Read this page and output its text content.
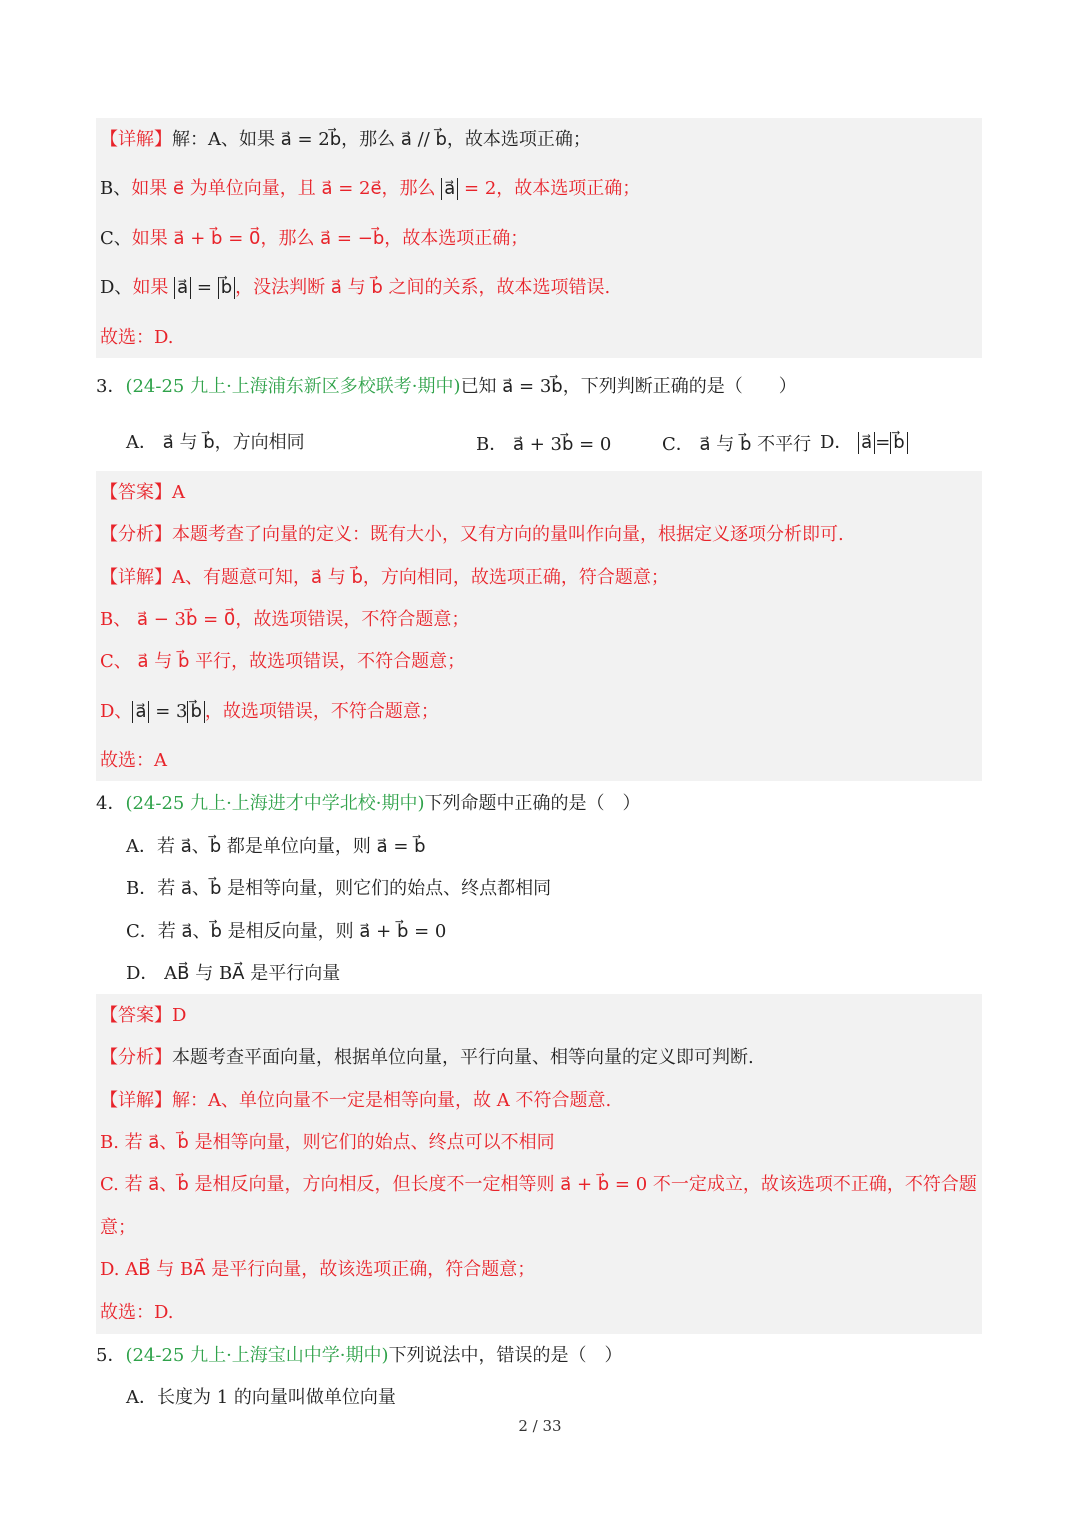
【详解】解：A、如果 a⃗ = 2b⃗，那么 a⃗ // b⃗，故本选项正确；
B、如果 e⃗ 为单位向量，且 a⃗ = 2e⃗，那么 a⃗ = 2，故本选项正确；
C、如果 a⃗ + b⃗ = 0⃗，那么 a⃗ = −b⃗，故本选项正确；
D、如果 a⃗ = b⃗ ，没法判断 a⃗ 与 b⃗ 之间的关系，故本选项错误.
故选：D.
3．(24-25 九上·上海浦东新区多校联考·期中)已知 a⃗ = 3b⃗，下列判断正确的是（　　）
A． a⃗ 与 b⃗，方向相同	B． a⃗ + 3b⃗ = 0	C． a⃗ 与 b⃗ 不平行 D． a⃗ = b⃗
【答案】A
【分析】本题考查了向量的定义：既有大小，又有方向的量叫作向量，根据定义逐项分析即可.
【详解】A、有题意可知，a⃗ 与 b⃗，方向相同，故选项正确，符合题意；
B、 a⃗ − 3b⃗ = 0⃗，故选项错误，不符合题意；
C、 a⃗ 与 b⃗ 平行，故选项错误，不符合题意；
D、 a⃗ = 3 b⃗ ，故选项错误，不符合题意；
故选：A
4．(24-25 九上·上海进才中学北校·期中)下列命题中正确的是（　）
A．若 a⃗、b⃗ 都是单位向量，则 a⃗ = b⃗
B．若 a⃗、b⃗ 是相等向量，则它们的始点、终点都相同
C．若 a⃗、b⃗ 是相反向量，则 a⃗ + b⃗ = 0
D． AB⃗ 与 BA⃗ 是平行向量
【答案】D
【分析】本题考查平面向量，根据单位向量，平行向量、相等向量的定义即可判断.
【详解】解：A、单位向量不一定是相等向量，故 A 不符合题意.
B. 若 a⃗、b⃗ 是相等向量，则它们的始点、终点可以不相同
C. 若 a⃗、b⃗ 是相反向量，方向相反，但长度不一定相等则 a⃗ + b⃗ = 0 不一定成立，故该选项不正确，不符合题
意；
D. AB⃗ 与 BA⃗ 是平行向量，故该选项正确，符合题意；
故选：D.
5．(24-25 九上·上海宝山中学·期中)下列说法中，错误的是（　）
A．长度为 1 的向量叫做单位向量
2 / 33
